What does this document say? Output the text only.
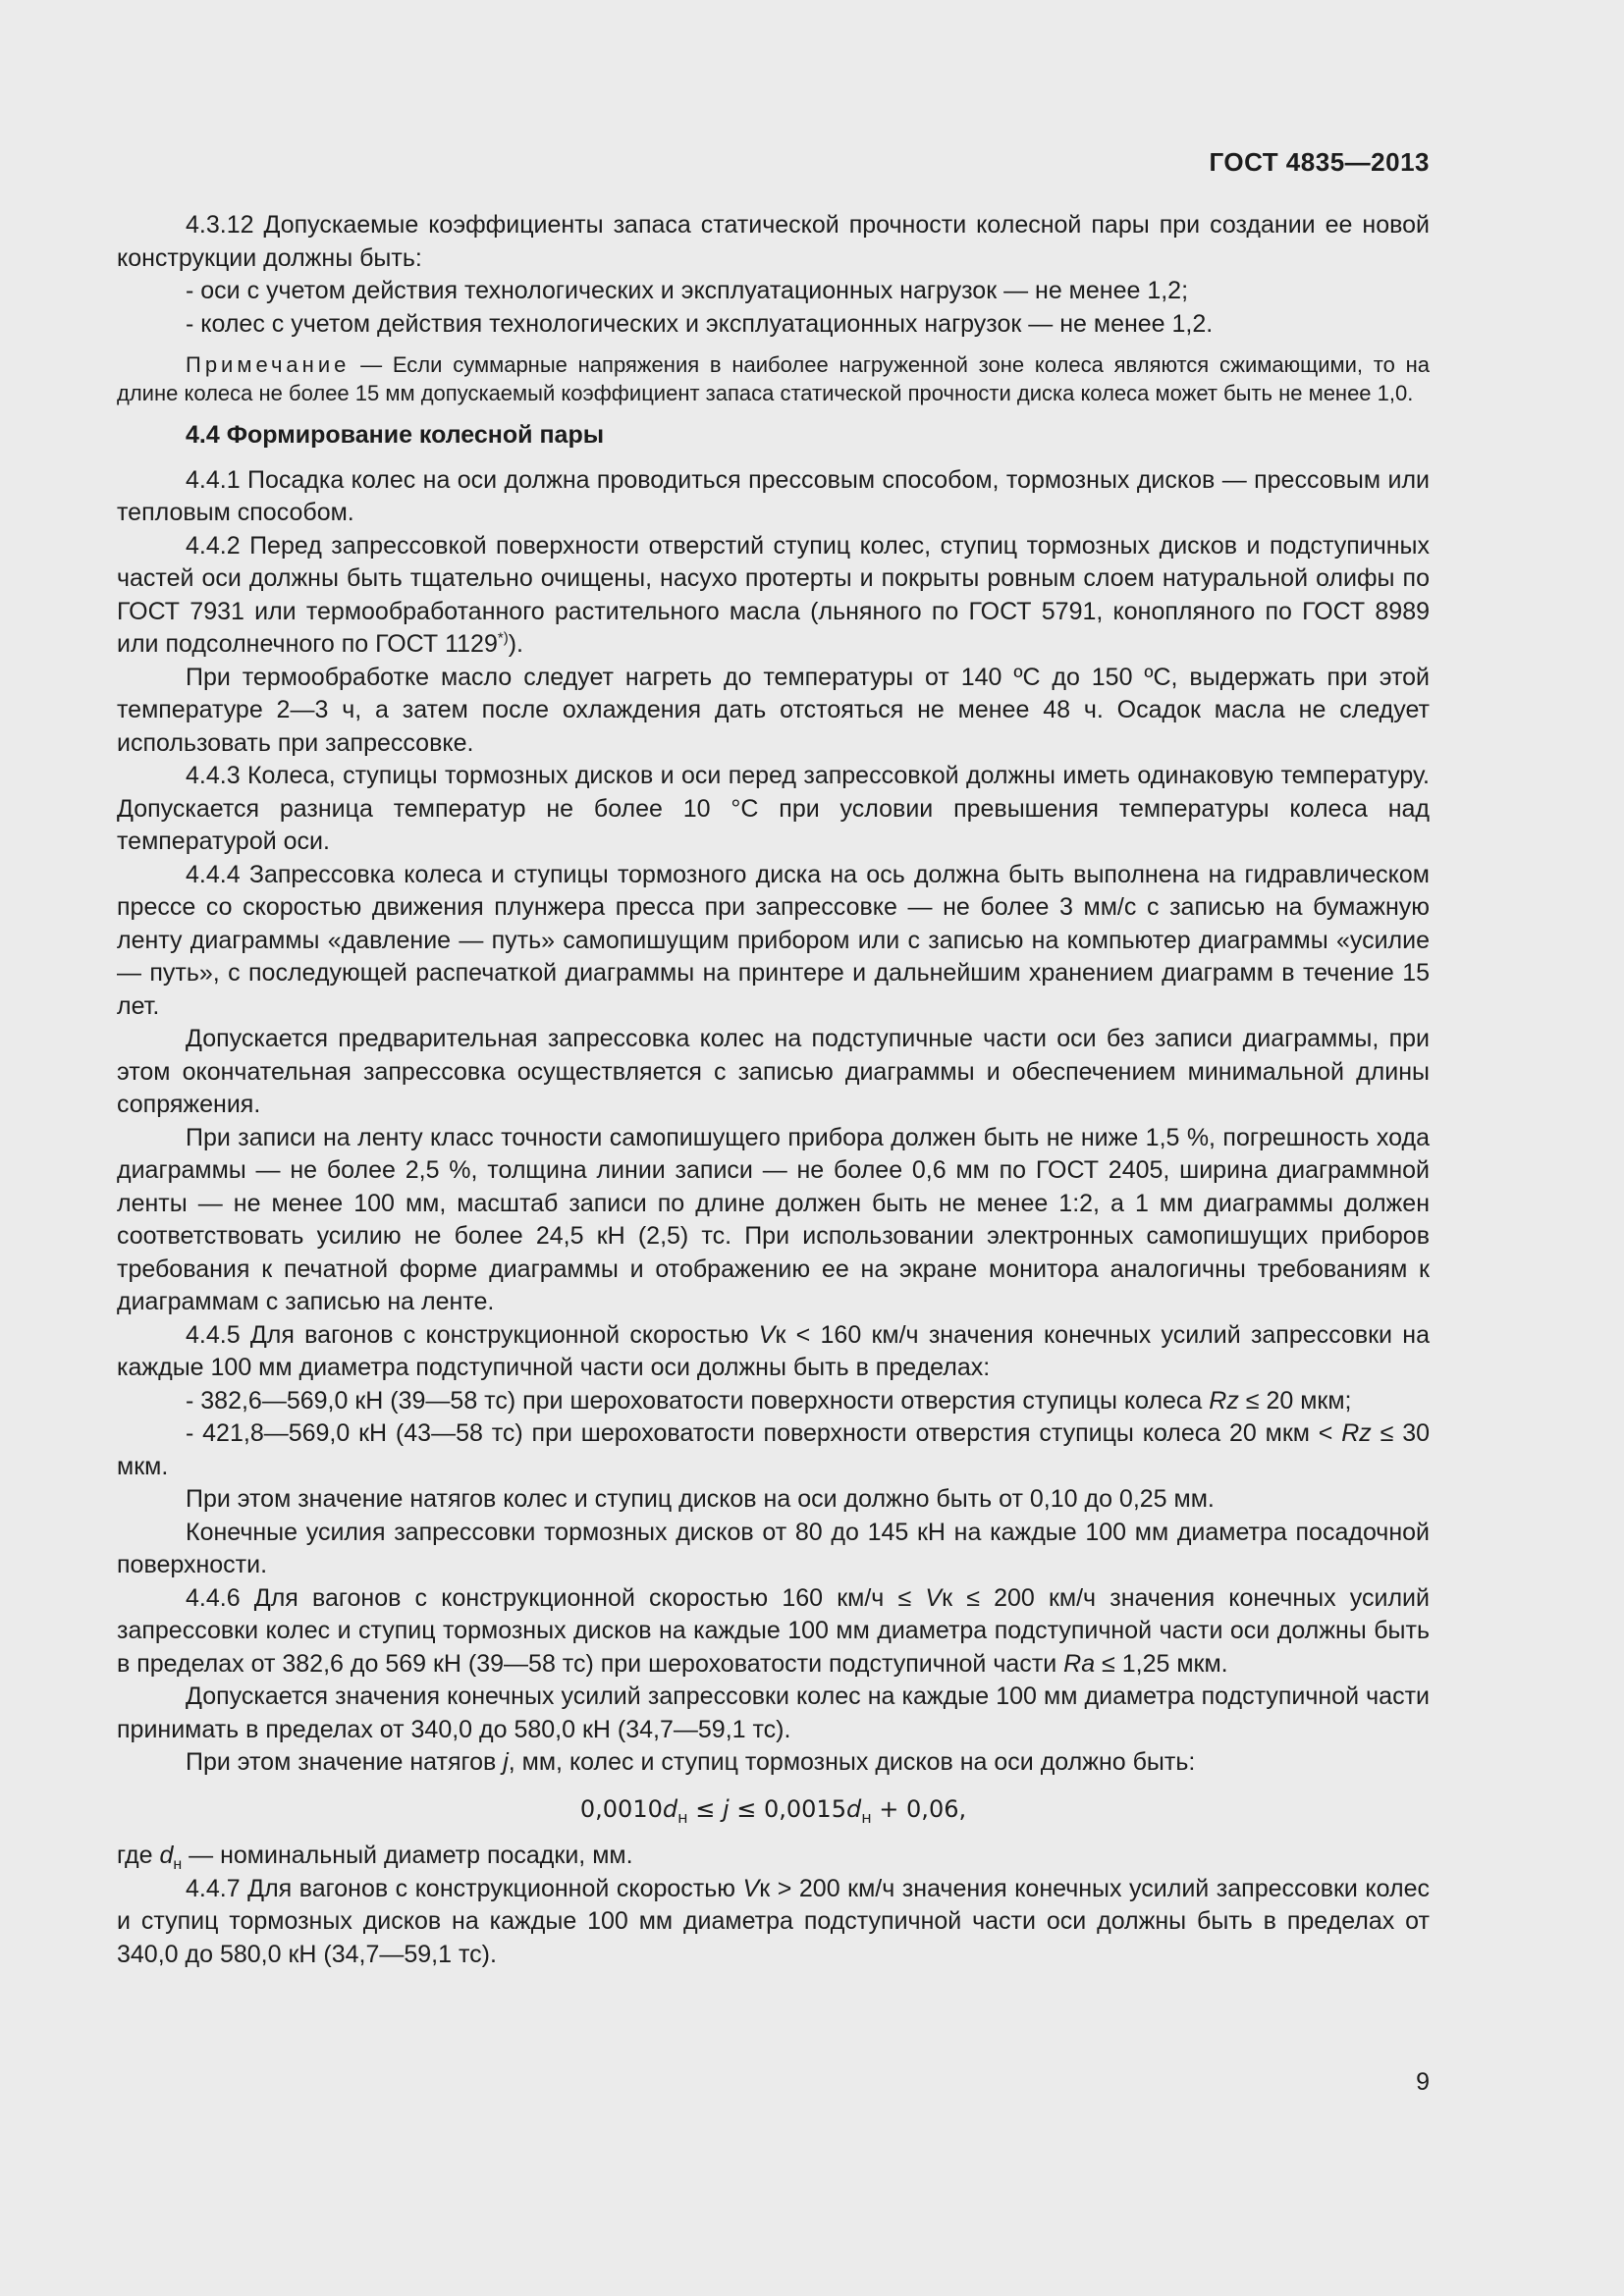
ГОСТ 4835—2013

4.3.12 Допускаемые коэффициенты запаса статической прочности колесной пары при создании ее новой конструкции должны быть:

- оси с учетом действия технологических и эксплуатационных нагрузок — не менее 1,2;

- колес с учетом действия технологических и эксплуатационных нагрузок — не менее 1,2.

Примечание — Если суммарные напряжения в наиболее нагруженной зоне колеса являются сжимающими, то на длине колеса не более 15 мм допускаемый коэффициент запаса статической прочности диска колеса может быть не менее 1,0.

4.4 Формирование колесной пары

4.4.1 Посадка колес на оси должна проводиться прессовым способом, тормозных дисков — прессовым или тепловым способом.

4.4.2 Перед запрессовкой поверхности отверстий ступиц колес, ступиц тормозных дисков и подступичных частей оси должны быть тщательно очищены, насухо протерты и покрыты ровным слоем натуральной олифы по ГОСТ 7931 или термообработанного растительного масла (льняного по ГОСТ 5791, конопляного по ГОСТ 8989 или подсолнечного по ГОСТ 1129*)).

При термообработке масло следует нагреть до температуры от 140 ºС до 150 ºС, выдержать при этой температуре 2—3 ч, а затем после охлаждения дать отстояться не менее 48 ч. Осадок масла не следует использовать при запрессовке.

4.4.3 Колеса, ступицы тормозных дисков и оси перед запрессовкой должны иметь одинаковую температуру. Допускается разница температур не более 10 °С при условии превышения температуры колеса над температурой оси.

4.4.4 Запрессовка колеса и ступицы тормозного диска на ось должна быть выполнена на гидравлическом прессе со скоростью движения плунжера пресса при запрессовке — не более 3 мм/с с записью на бумажную ленту диаграммы «давление — путь» самопишущим прибором или с записью на компьютер диаграммы «усилие — путь», с последующей распечаткой диаграммы на принтере и дальнейшим хранением диаграмм в течение 15 лет.

Допускается предварительная запрессовка колес на подступичные части оси без записи диаграммы, при этом окончательная запрессовка осуществляется с записью диаграммы и обеспечением минимальной длины сопряжения.

При записи на ленту класс точности самопишущего прибора должен быть не ниже 1,5 %, погрешность хода диаграммы — не более 2,5 %, толщина линии записи — не более 0,6 мм по ГОСТ 2405, ширина диаграммной ленты — не менее 100 мм, масштаб записи по длине должен быть не менее 1:2, а 1 мм диаграммы должен соответствовать усилию не более 24,5 кН (2,5) тс. При использовании электронных самопишущих приборов требования к печатной форме диаграммы и отображению ее на экране монитора аналогичны требованиям к диаграммам с записью на ленте.

4.4.5 Для вагонов с конструкционной скоростью Vк < 160 км/ч значения конечных усилий запрессовки на каждые 100 мм диаметра подступичной части оси должны быть в пределах:

- 382,6—569,0 кН (39—58 тс) при шероховатости поверхности отверстия ступицы колеса Rz ≤ 20 мкм;

- 421,8—569,0 кН (43—58 тс) при шероховатости поверхности отверстия ступицы колеса 20 мкм < Rz ≤ 30 мкм.

При этом значение натягов колес и ступиц дисков на оси должно быть от 0,10 до 0,25 мм.

Конечные усилия запрессовки тормозных дисков от 80 до 145 кН на каждые 100 мм диаметра посадочной поверхности.

4.4.6 Для вагонов с конструкционной скоростью 160 км/ч ≤ Vк ≤ 200 км/ч значения конечных усилий запрессовки колес и ступиц тормозных дисков на каждые 100 мм диаметра подступичной части оси должны быть в пределах от 382,6 до 569 кН (39—58 тс) при шероховатости подступичной части Ra ≤ 1,25 мкм.

Допускается значения конечных усилий запрессовки колес на каждые 100 мм диаметра подступичной части принимать в пределах от 340,0 до 580,0 кН (34,7—59,1 тс).

При этом значение натягов j, мм, колес и ступиц тормозных дисков на оси должно быть:

$0,0010d_н \le j \le 0,0015d_н + 0,06$,

где $d_н$ — номинальный диаметр посадки, мм.

4.4.7 Для вагонов с конструкционной скоростью Vк > 200 км/ч значения конечных усилий запрессовки колес и ступиц тормозных дисков на каждые 100 мм диаметра подступичной части оси должны быть в пределах от 340,0 до 580,0 кН (34,7—59,1 тс).

9
